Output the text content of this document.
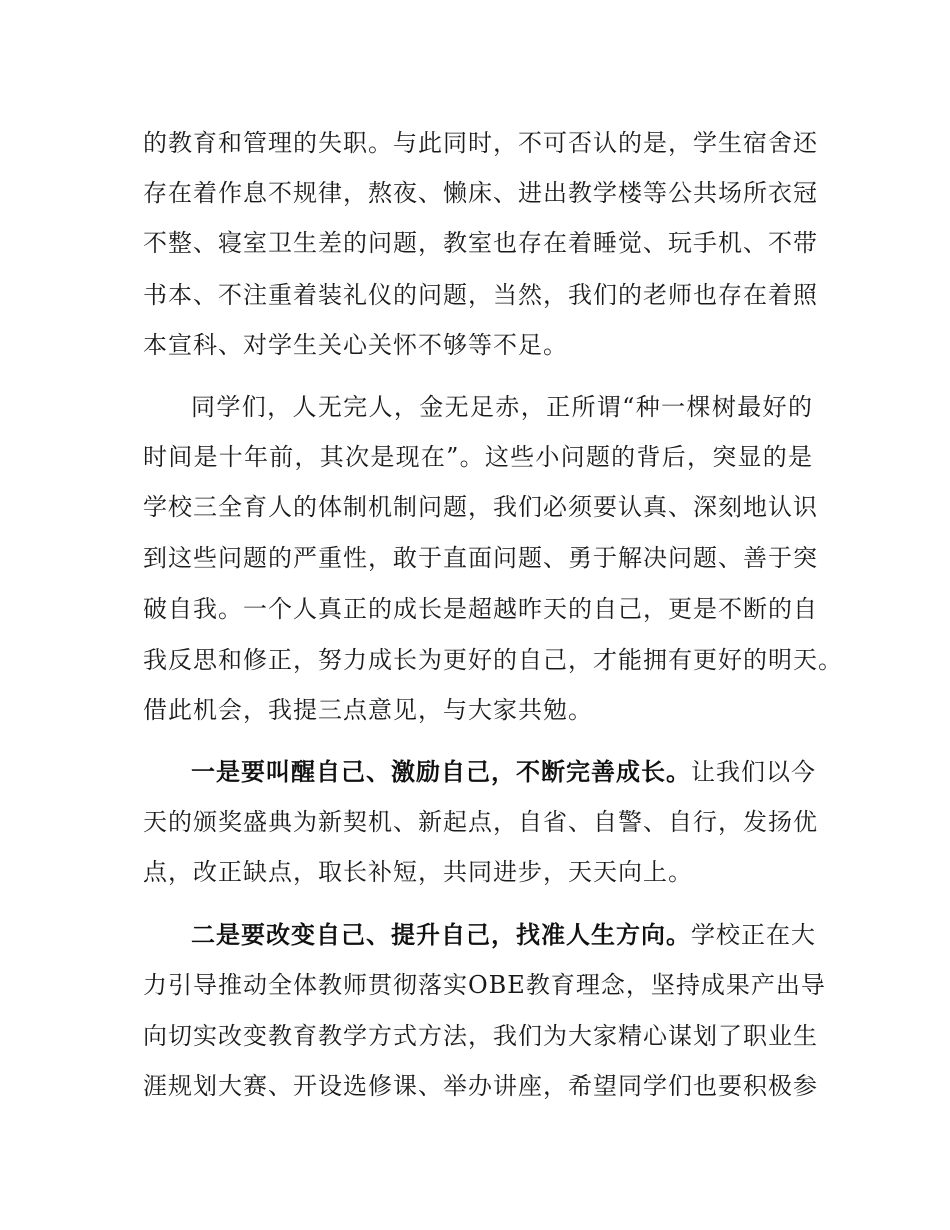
的教育和管理的失职。与此同时，不可否认的是，学生宿舍还
存在着作息不规律，熬夜、懒床、进出教学楼等公共场所衣冠
不整、寝室卫生差的问题，教室也存在着睡觉、玩手机、不带
书本、不注重着装礼仪的问题，当然，我们的老师也存在着照
本宣科、对学生关心关怀不够等不足。
同学们，人无完人，金无足赤，正所谓“种一棵树最好的
时间是十年前，其次是现在”。这些小问题的背后，突显的是
学校三全育人的体制机制问题，我们必须要认真、深刻地认识
到这些问题的严重性，敢于直面问题、勇于解决问题、善于突
破自我。一个人真正的成长是超越昨天的自己，更是不断的自
我反思和修正，努力成长为更好的自己，才能拥有更好的明天。
借此机会，我提三点意见，与大家共勉。
一是要叫醒自己、激励自己，不断完善成长。让我们以今
天的颁奖盛典为新契机、新起点，自省、自警、自行，发扬优
点，改正缺点，取长补短，共同进步，天天向上。
二是要改变自己、提升自己，找准人生方向。学校正在大
力引导推动全体教师贯彻落实OBE教育理念，坚持成果产出导
向切实改变教育教学方式方法，我们为大家精心谋划了职业生
涯规划大赛、开设选修课、举办讲座，希望同学们也要积极参
